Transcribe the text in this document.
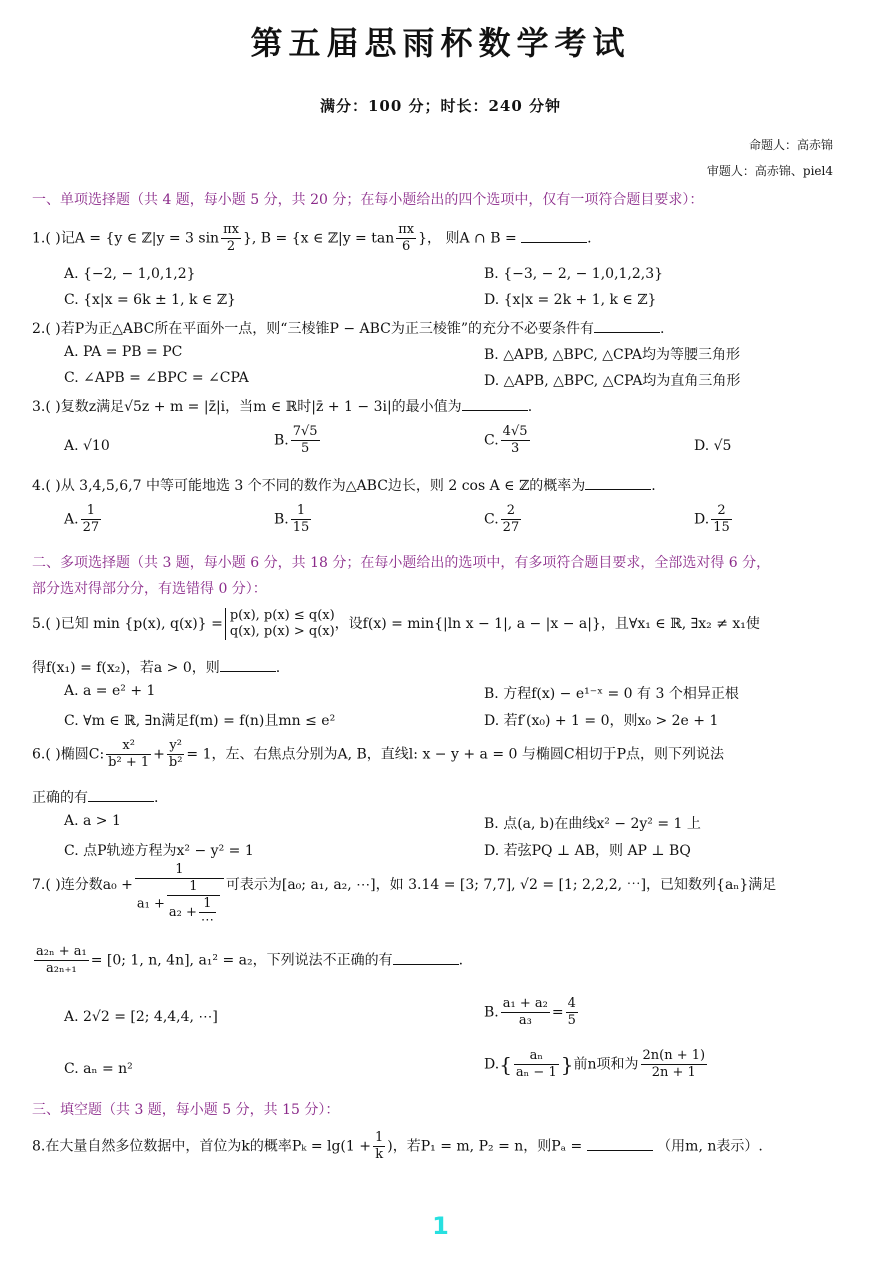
第五届思雨杯数学考试
满分：100 分；时长：240 分钟
命题人：高赤锦
审题人：高赤锦、piel4
一、单项选择题（共 4 题，每小题 5 分，共 20 分；在每小题给出的四个选项中，仅有一项符合题目要求）：
1.( )记A = {y ∈ ℤ|y = 3 $\sin \frac{\pi x}{2}$ }, B = {x ∈ ℤ|y = $\tan \frac{\pi x}{6}$ }， 则A ∩ B =	.
A. {−2, − 1,0,1,2}	B. {−3, − 2, − 1,0,1,2,3}
C. {x|x = 6k ± 1, k ∈ ℤ}	D. {x|x = 2k + 1, k ∈ ℤ}
2.( )若P为正△ABC所在平面外一点，则“三棱锥P − ABC为正三棱锥”的充分不必要条件有	.
A. PA = PB = PC	B. △APB, △BPC, △CPA均为等腰三角形
C. ∠APB = ∠BPC = ∠CPA	D. △APB, △BPC, △CPA均为直角三角形
3.( )复数z满足√5z + m = |z̄|i，当m ∈ ℝ时|z̄ + 1 − 3i|的最小值为	.
A. √10	B. $\frac{7√5}{5}$	C. $\frac{4√5}{3}$	D. √5
4.( )从 3,4,5,6,7 中等可能地选 3 个不同的数作为△ABC边长，则 2 cos A ∈ ℤ的概率为	.
A. $\frac{1}{27}$	B. $\frac{1}{15}$	C. $\frac{2}{27}$	D. $\frac{2}{15}$
二、多项选择题（共 3 题，每小题 6 分，共 18 分；在每小题给出的选项中，有多项符合题目要求，全部选对得 6 分，
部分选对得部分分，有选错得 0 分）：
5.( )已知 min {p(x), q(x)} =
p(x), p(x) ≤ q(x)
q(x), p(x) > q(x) ，设f(x) = min{|ln x − 1|, a − |x − a|}，且∀x₁ ∈ ℝ, ∃x₂ ≠ x₁使
得f(x₁) = f(x₂)，若a > 0，则	.
A. a = e² + 1	B. 方程f(x) − e¹⁻ˣ = 0 有 3 个相异正根
C. ∀m ∈ ℝ, ∃n满足f(m) = f(n)且mn ≤ e²	D. 若f′(x₀) + 1 = 0，则x₀ > 2e + 1
6.( )椭圆C: $\frac{\text{x²}}{\text{b² + 1}} + \frac{\text{y²}}{\text{b²}} = 1$，左、右焦点分别为A, B，直线l: x − y + a = 0 与椭圆C相切于P点，则下列说法
正确的有	.
A. a > 1	B. 点(a, b)在曲线x² − 2y² = 1 上
C. 点P轨迹方程为x² − y² = 1	D. 若弦PQ ⊥ AB，则 AP ⊥ BQ
7.( )连分数$a_0 + \frac{1}{a_1 + \frac{1}{a_2 + \frac{1}{\cdots}}}$ 可表示为[a₀; a₁, a₂, ⋯]，如 3.14 = [3; 7,7], √2 = [1; 2,2,2, ⋯]，已知数列{aₙ}满足
$\frac{\text{a₂ₙ + a₁}}{\text{a₂ₙ₊₁}} = [0$; 1, n, 4n], a₁² = a₂，下列说法不正确的有	.
A. 2√2 = [2; 4,4,4, ⋯]	B. $\frac{\text{a₁ + a₂}}{\text{a₃}} = \frac{4}{5}$
C. aₙ = n²	$D.\{ \frac{\text{aₙ}}{\text{aₙ − 1}}$ }前n项和为 $\frac{2n(n + 1)}{2n + 1}$
三、填空题（共 3 题，每小题 5 分，共 15 分）：
8.在大量自然多位数据中，首位为k的概率$P_k = \lg(1 + \frac{1}{k}$ )，若P₁ = m, P₂ = n，则Pₐ =	（用m, n表示）.
1
